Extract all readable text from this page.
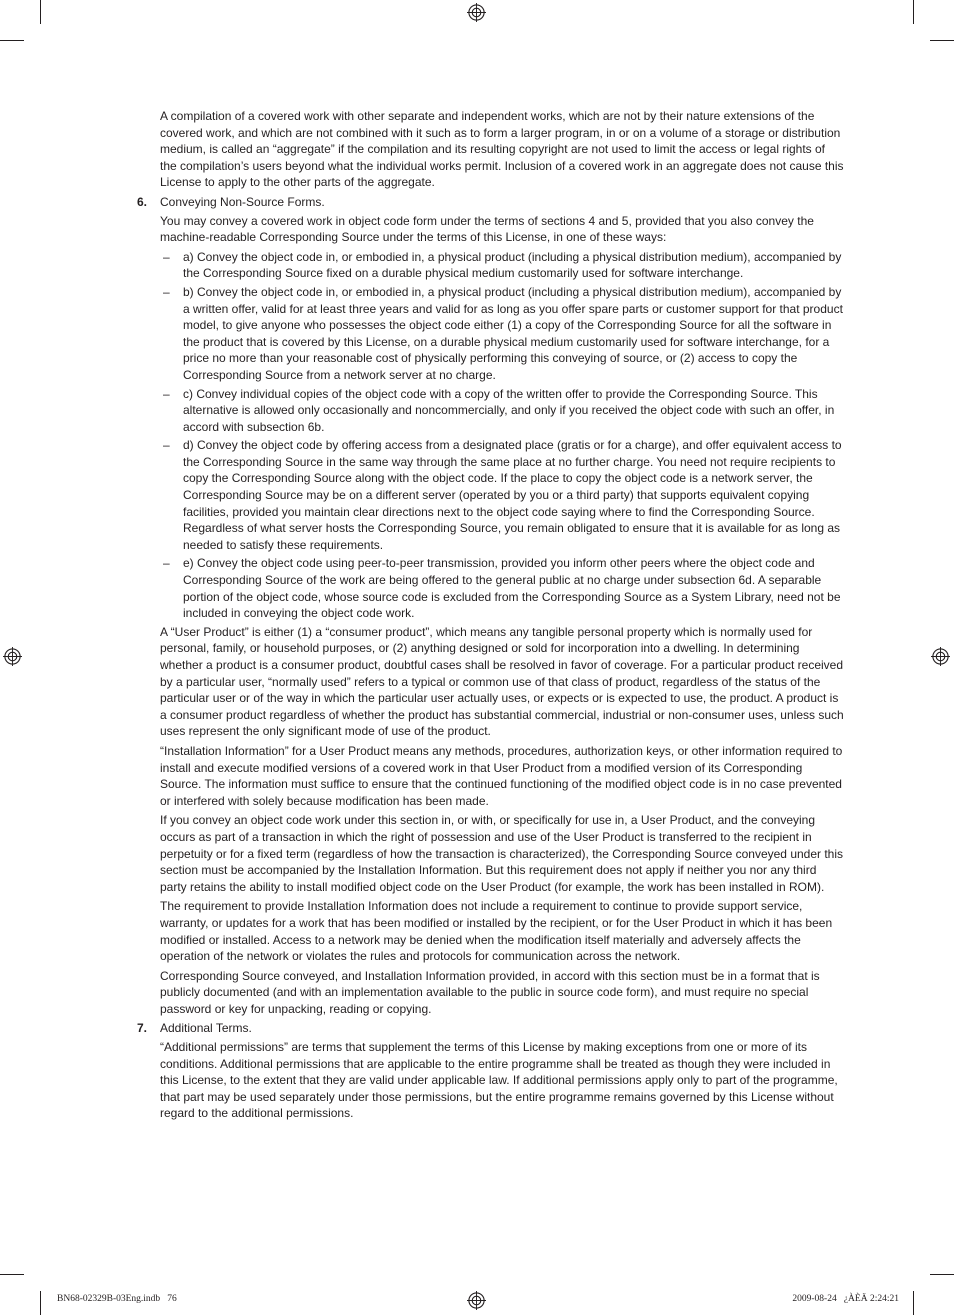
A compilation of a covered work with other separate and independent works, which are not by their nature extensions of the covered work, and which are not combined with it such as to form a larger program, in or on a volume of a storage or distribution medium, is called an “aggregate” if the compilation and its resulting copyright are not used to limit the access or legal rights of the compilation’s users beyond what the individual works permit. Inclusion of a covered work in an aggregate does not cause this License to apply to the other parts of the aggregate.

6. Conveying Non-Source Forms.

You may convey a covered work in object code form under the terms of sections 4 and 5, provided that you also convey the machine-readable Corresponding Source under the terms of this License, in one of these ways:

– a) Convey the object code in, or embodied in, a physical product (including a physical distribution medium), accompanied by the Corresponding Source fixed on a durable physical medium customarily used for software interchange.
– b) Convey the object code in, or embodied in, a physical product (including a physical distribution medium), accompanied by a written offer, valid for at least three years and valid for as long as you offer spare parts or customer support for that product model, to give anyone who possesses the object code either (1) a copy of the Corresponding Source for all the software in the product that is covered by this License, on a durable physical medium customarily used for software interchange, for a price no more than your reasonable cost of physically performing this conveying of source, or (2) access to copy the Corresponding Source from a network server at no charge.
– c) Convey individual copies of the object code with a copy of the written offer to provide the Corresponding Source. This alternative is allowed only occasionally and noncommercially, and only if you received the object code with such an offer, in accord with subsection 6b.
– d) Convey the object code by offering access from a designated place (gratis or for a charge), and offer equivalent access to the Corresponding Source in the same way through the same place at no further charge. You need not require recipients to copy the Corresponding Source along with the object code. If the place to copy the object code is a network server, the Corresponding Source may be on a different server (operated by you or a third party) that supports equivalent copying facilities, provided you maintain clear directions next to the object code saying where to find the Corresponding Source. Regardless of what server hosts the Corresponding Source, you remain obligated to ensure that it is available for as long as needed to satisfy these requirements.
– e) Convey the object code using peer-to-peer transmission, provided you inform other peers where the object code and Corresponding Source of the work are being offered to the general public at no charge under subsection 6d. A separable portion of the object code, whose source code is excluded from the Corresponding Source as a System Library, need not be included in conveying the object code work.

A “User Product” is either (1) a “consumer product”, which means any tangible personal property which is normally used for personal, family, or household purposes, or (2) anything designed or sold for incorporation into a dwelling. In determining whether a product is a consumer product, doubtful cases shall be resolved in favor of coverage. For a particular product received by a particular user, “normally used” refers to a typical or common use of that class of product, regardless of the status of the particular user or of the way in which the particular user actually uses, or expects or is expected to use, the product. A product is a consumer product regardless of whether the product has substantial commercial, industrial or non-consumer uses, unless such uses represent the only significant mode of use of the product.

“Installation Information” for a User Product means any methods, procedures, authorization keys, or other information required to install and execute modified versions of a covered work in that User Product from a modified version of its Corresponding Source. The information must suffice to ensure that the continued functioning of the modified object code is in no case prevented or interfered with solely because modification has been made.

If you convey an object code work under this section in, or with, or specifically for use in, a User Product, and the conveying occurs as part of a transaction in which the right of possession and use of the User Product is transferred to the recipient in perpetuity or for a fixed term (regardless of how the transaction is characterized), the Corresponding Source conveyed under this section must be accompanied by the Installation Information. But this requirement does not apply if neither you nor any third party retains the ability to install modified object code on the User Product (for example, the work has been installed in ROM).

The requirement to provide Installation Information does not include a requirement to continue to provide support service, warranty, or updates for a work that has been modified or installed by the recipient, or for the User Product in which it has been modified or installed. Access to a network may be denied when the modification itself materially and adversely affects the operation of the network or violates the rules and protocols for communication across the network.

Corresponding Source conveyed, and Installation Information provided, in accord with this section must be in a format that is publicly documented (and with an implementation available to the public in source code form), and must require no special password or key for unpacking, reading or copying.

7. Additional Terms.

“Additional permissions” are terms that supplement the terms of this License by making exceptions from one or more of its conditions. Additional permissions that are applicable to the entire programme shall be treated as though they were included in this License, to the extent that they are valid under applicable law. If additional permissions apply only to part of the programme, that part may be used separately under those permissions, but the entire programme remains governed by this License without regard to the additional permissions.

BN68-02329B-03Eng.indb   76	2009-08-24   ¿ÀÈÄ 2:24:21
